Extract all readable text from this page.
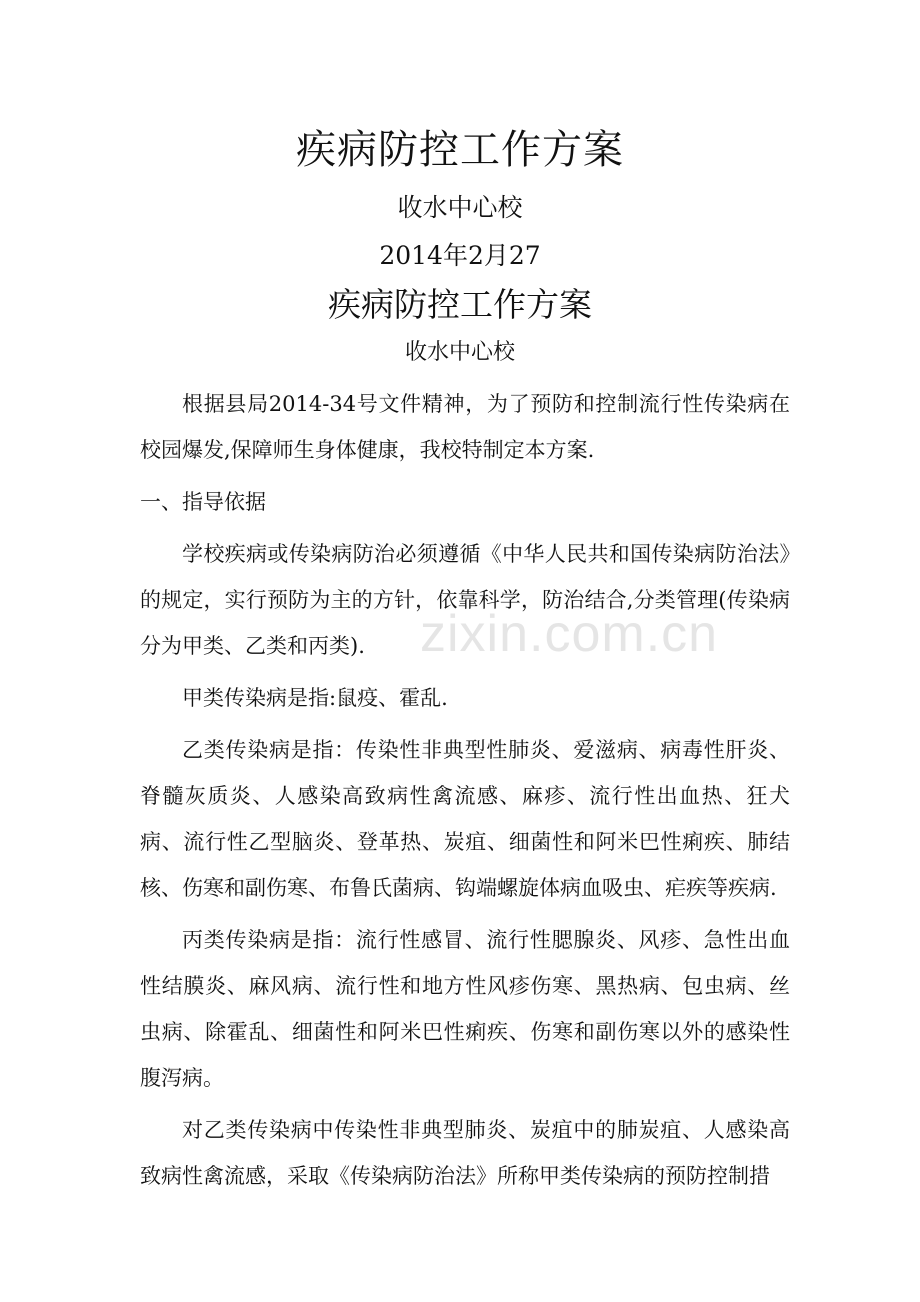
疾病防控工作方案
收水中心校
2014年2月27
疾病防控工作方案
收水中心校

根据县局2014-34号文件精神，为了预防和控制流行性传染病在校园爆发,保障师生身体健康，我校特制定本方案.

一、指导依据

学校疾病或传染病防治必须遵循《中华人民共和国传染病防治法》的规定，实行预防为主的方针，依靠科学，防治结合,分类管理(传染病分为甲类、乙类和丙类).

甲类传染病是指:鼠疫、霍乱.

乙类传染病是指：传染性非典型性肺炎、爱滋病、病毒性肝炎、脊髓灰质炎、人感染高致病性禽流感、麻疹、流行性出血热、狂犬病、流行性乙型脑炎、登革热、炭疽、细菌性和阿米巴性痢疾、肺结核、伤寒和副伤寒、布鲁氏菌病、钩端螺旋体病血吸虫、疟疾等疾病.

丙类传染病是指：流行性感冒、流行性腮腺炎、风疹、急性出血性结膜炎、麻风病、流行性和地方性风疹伤寒、黑热病、包虫病、丝虫病、除霍乱、细菌性和阿米巴性痢疾、伤寒和副伤寒以外的感染性腹泻病。

对乙类传染病中传染性非典型肺炎、炭疽中的肺炭疽、人感染高致病性禽流感，采取《传染病防治法》所称甲类传染病的预防控制措

zixin.com.cn
